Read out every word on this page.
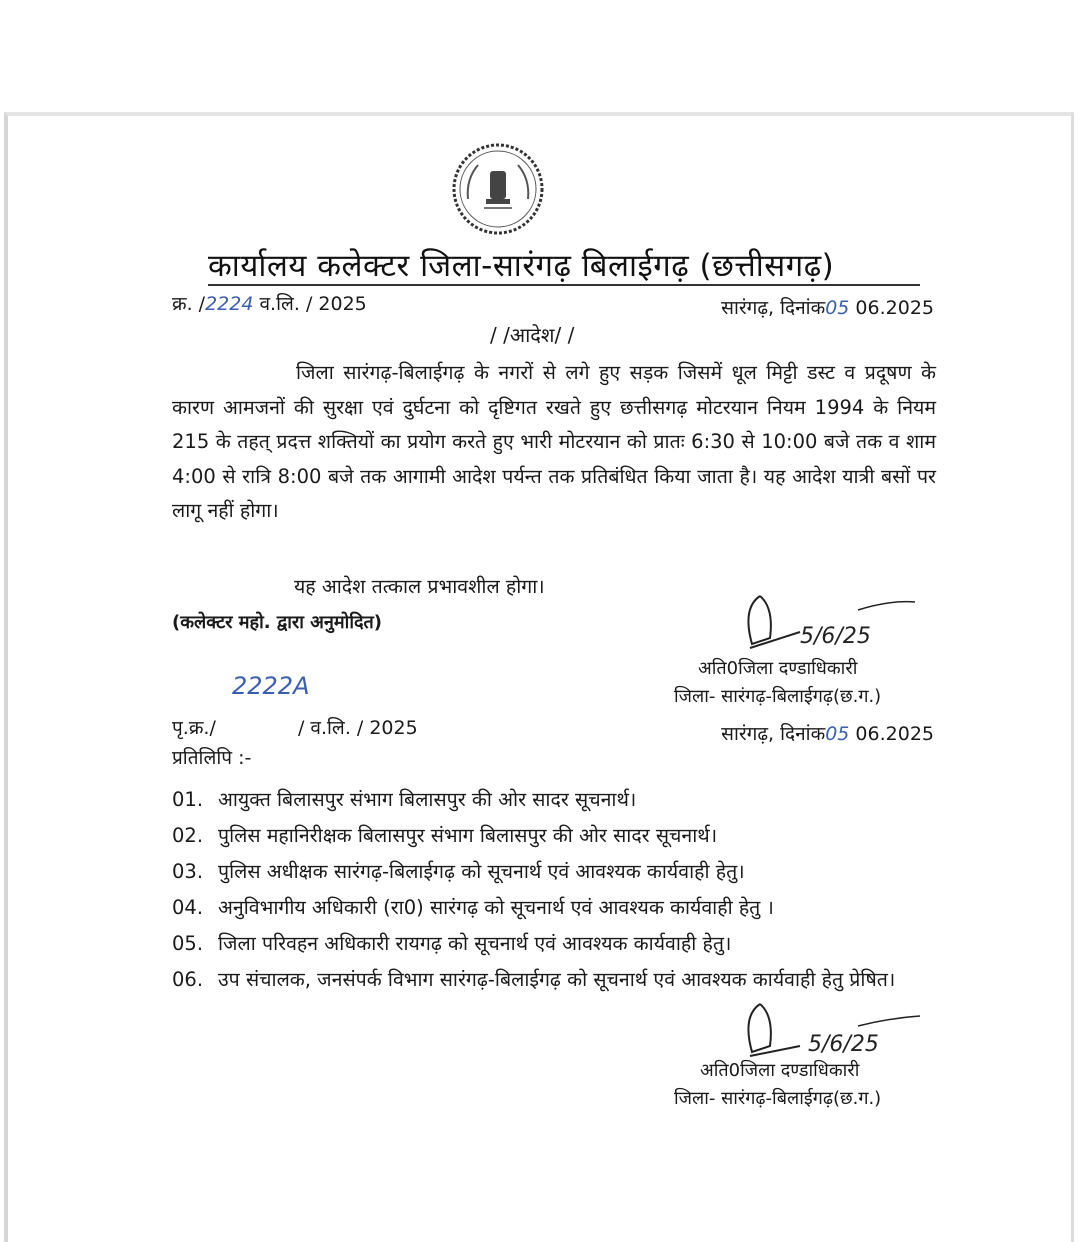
कार्यालय कलेक्टर जिला-सारंगढ़ बिलाईगढ़ (छत्तीसगढ़)
क्र. /2224 व.लि. / 2025	सारंगढ़, दिनांक05 06.2025
/ /आदेश/ /
जिला सारंगढ़-बिलाईगढ़ के नगरों से लगे हुए सड़क जिसमें धूल मिट्टी डस्ट व प्रदूषण के कारण आमजनों की सुरक्षा एवं दुर्घटना को दृष्टिगत रखते हुए छत्तीसगढ़ मोटरयान नियम 1994 के नियम 215 के तहत् प्रदत्त शक्तियों का प्रयोग करते हुए भारी मोटरयान को प्रातः 6:30 से 10:00 बजे तक व शाम 4:00 से रात्रि 8:00 बजे तक आगामी आदेश पर्यन्त तक प्रतिबंधित किया जाता है। यह आदेश यात्री बसों पर लागू नहीं होगा।
यह आदेश तत्काल प्रभावशील होगा।
(कलेक्टर महो. द्वारा अनुमोदित)
5/6/25
अति0जिला दण्डाधिकारी
जिला- सारंगढ़-बिलाईगढ़(छ.ग.)
2222A
पृ.क्र./	/ व.लि. / 2025	सारंगढ़, दिनांक05 06.2025
प्रतिलिपि :-
01. आयुक्त बिलासपुर संभाग बिलासपुर की ओर सादर सूचनार्थ।
02. पुलिस महानिरीक्षक बिलासपुर संभाग बिलासपुर की ओर सादर सूचनार्थ।
03. पुलिस अधीक्षक सारंगढ़-बिलाईगढ़ को सूचनार्थ एवं आवश्यक कार्यवाही हेतु।
04. अनुविभागीय अधिकारी (रा0) सारंगढ़ को सूचनार्थ एवं आवश्यक कार्यवाही हेतु ।
05. जिला परिवहन अधिकारी रायगढ़ को सूचनार्थ एवं आवश्यक कार्यवाही हेतु।
06. उप संचालक, जनसंपर्क विभाग सारंगढ़-बिलाईगढ़ को सूचनार्थ एवं आवश्यक कार्यवाही हेतु प्रेषित।
5/6/25
अति0जिला दण्डाधिकारी
जिला- सारंगढ़-बिलाईगढ़(छ.ग.)
